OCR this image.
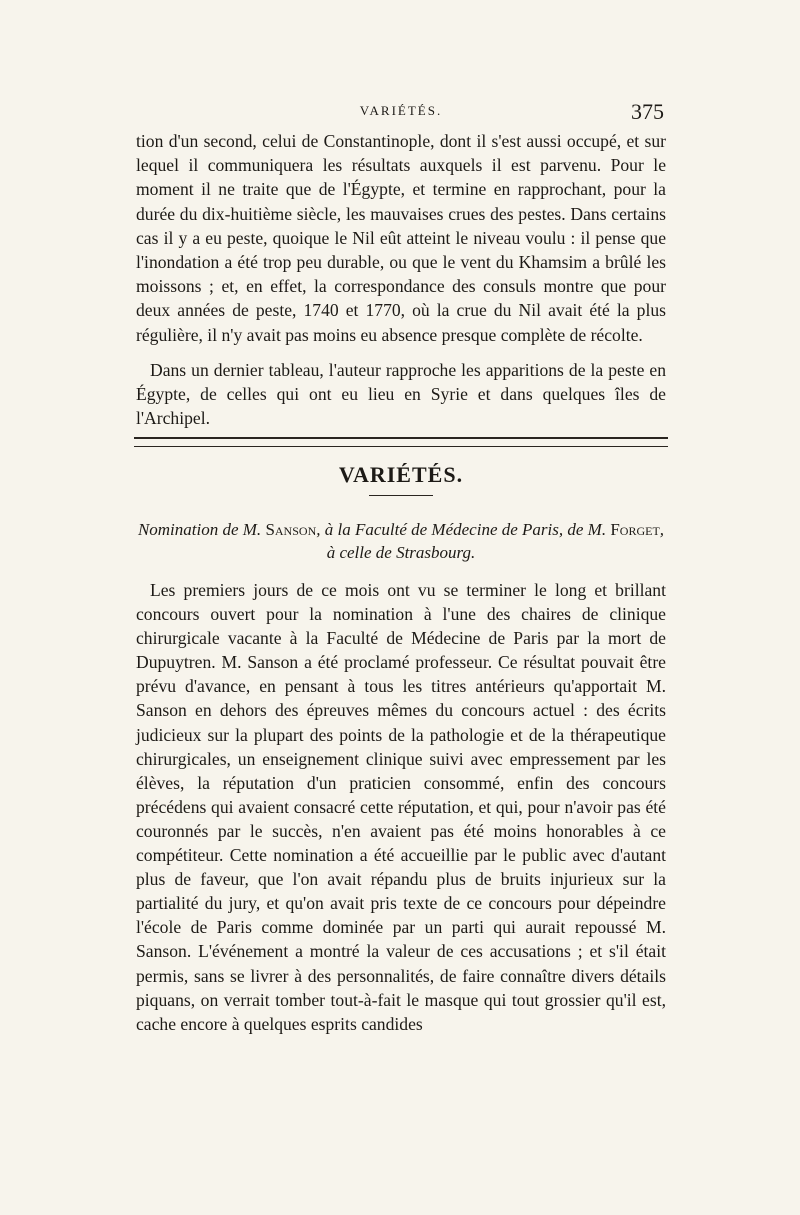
VARIÉTÉS.	375

tion d'un second, celui de Constantinople, dont il s'est aussi occupé, et sur lequel il communiquera les résultats auxquels il est parvenu. Pour le moment il ne traite que de l'Égypte, et termine en rapprochant, pour la durée du dix-huitième siècle, les mauvaises crues des pestes. Dans certains cas il y a eu peste, quoique le Nil eût atteint le niveau voulu : il pense que l'inondation a été trop peu durable, ou que le vent du Khamsim a brûlé les moissons ; et, en effet, la correspondance des consuls montre que pour deux années de peste, 1740 et 1770, où la crue du Nil avait été la plus régulière, il n'y avait pas moins eu absence presque complète de récolte.

Dans un dernier tableau, l'auteur rapproche les apparitions de la peste en Égypte, de celles qui ont eu lieu en Syrie et dans quelques îles de l'Archipel.

VARIÉTÉS.
Nomination de M. Sanson, à la Faculté de Médecine de Paris, de M. Forget, à celle de Strasbourg.

Les premiers jours de ce mois ont vu se terminer le long et brillant concours ouvert pour la nomination à l'une des chaires de clinique chirurgicale vacante à la Faculté de Médecine de Paris par la mort de Dupuytren. M. Sanson a été proclamé professeur. Ce résultat pouvait être prévu d'avance, en pensant à tous les titres antérieurs qu'apportait M. Sanson en dehors des épreuves mêmes du concours actuel : des écrits judicieux sur la plupart des points de la pathologie et de la thérapeutique chirurgicales, un enseignement clinique suivi avec empressement par les élèves, la réputation d'un praticien consommé, enfin des concours précédens qui avaient consacré cette réputation, et qui, pour n'avoir pas été couronnés par le succès, n'en avaient pas été moins honorables à ce compétiteur. Cette nomination a été accueillie par le public avec d'autant plus de faveur, que l'on avait répandu plus de bruits injurieux sur la partialité du jury, et qu'on avait pris texte de ce concours pour dépeindre l'école de Paris comme dominée par un parti qui aurait repoussé M. Sanson. L'événement a montré la valeur de ces accusations ; et s'il était permis, sans se livrer à des personnalités, de faire connaître divers détails piquans, on verrait tomber tout-à-fait le masque qui tout grossier qu'il est, cache encore à quelques esprits candides
